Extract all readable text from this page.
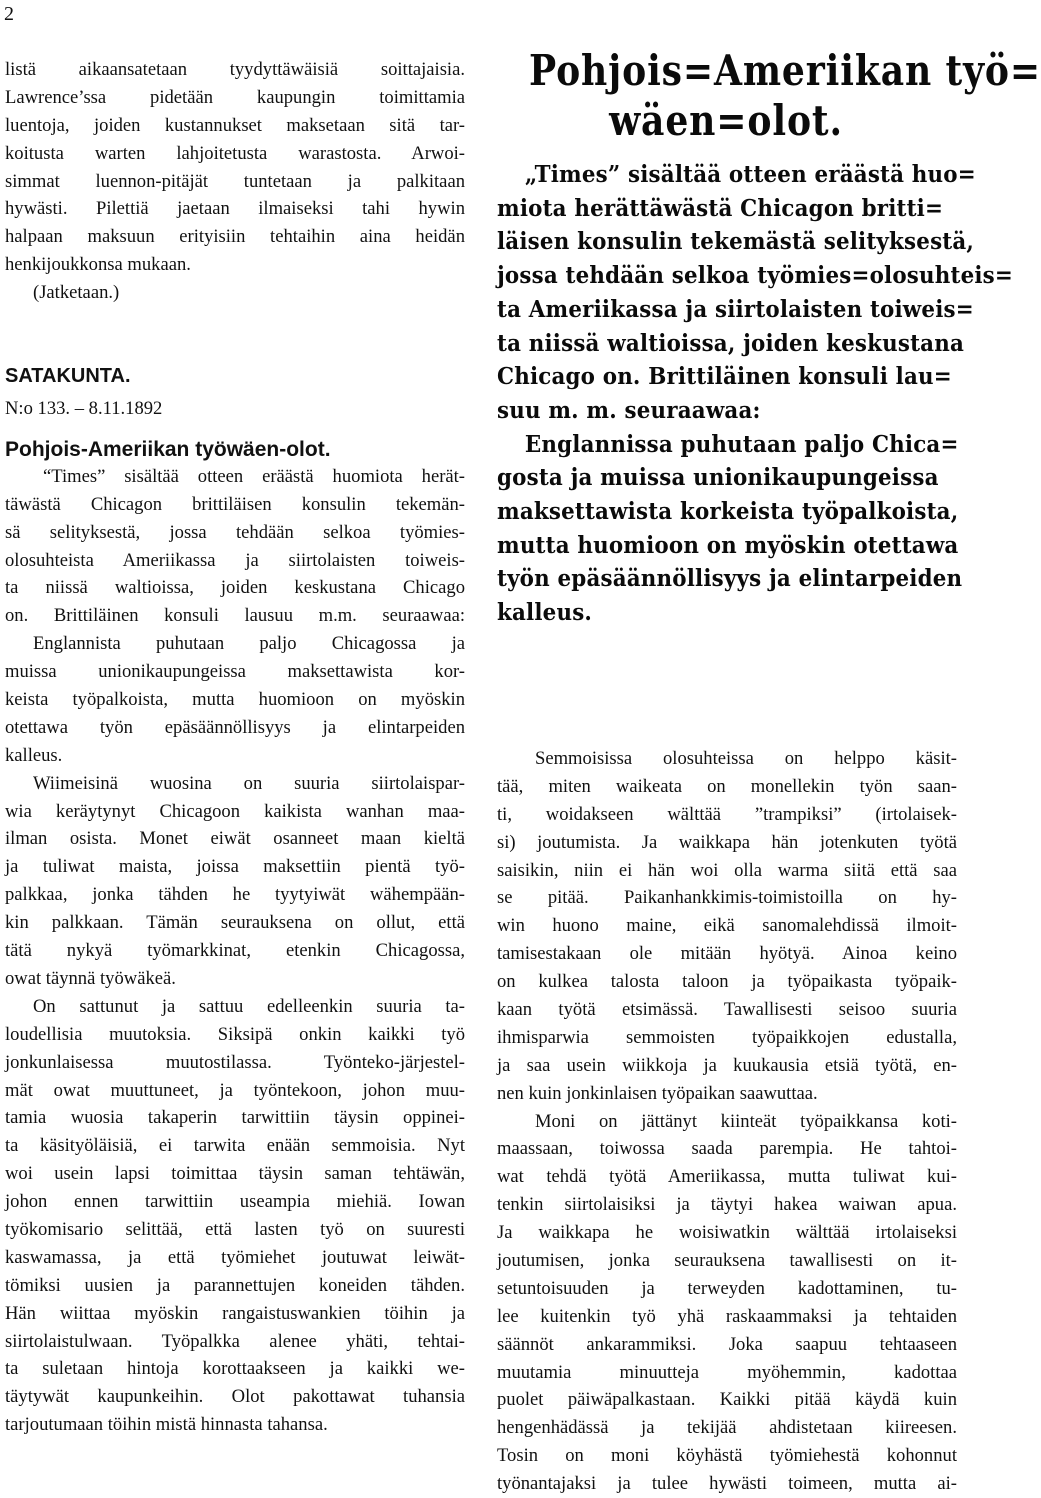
2
listä aikaansatetaan tyydyttäwäisiä soittajaisia.
Lawrence’ssa pidetään kaupungin toimittamia
luentoja, joiden kustannukset maksetaan sitä tar-
koitusta warten lahjoitetusta warastosta. Arwoi-
simmat luennon-pitäjät tuntetaan ja palkitaan
hywästi. Pilettiä jaetaan ilmaiseksi tahi hywin
halpaan maksuun erityisiin tehtaihin aina heidän
henkijoukkonsa mukaan.
(Jatketaan.)
SATAKUNTA.
N:o 133. – 8.11.1892
Pohjois-Ameriikan työwäen-olot.
“Times” sisältää otteen eräästä huomiota herät-
täwästä Chicagon brittiläisen konsulin tekemän-
sä selityksestä, jossa tehdään selkoa työmies-
olosuhteista Ameriikassa ja siirtolaisten toiweis-
ta niissä waltioissa, joiden keskustana Chicago
on. Brittiläinen konsuli lausuu m.m. seuraawaa:
Englannista puhutaan paljo Chicagossa ja
muissa unionikaupungeissa maksettawista kor-
keista työpalkoista, mutta huomioon on myöskin
otettawa työn epäsäännöllisyys ja elintarpeiden
kalleus.
Wiimeisinä wuosina on suuria siirtolaispar-
wia keräytynyt Chicagoon kaikista wanhan maa-
ilman osista. Monet eiwät osanneet maan kieltä
ja tuliwat maista, joissa maksettiin pientä työ-
palkkaa, jonka tähden he tyytyiwät wähempään-
kin palkkaan. Tämän seurauksena on ollut, että
tätä nykyä työmarkkinat, etenkin Chicagossa,
owat täynnä työwäkeä.
On sattunut ja sattuu edelleenkin suuria ta-
loudellisia muutoksia. Siksipä onkin kaikki työ
jonkunlaisessa muutostilassa. Työnteko-järjestel-
mät owat muuttuneet, ja työntekoon, johon muu-
tamia wuosia takaperin tarwittiin täysin oppinei-
ta käsityöläisiä, ei tarwita enään semmoisia. Nyt
woi usein lapsi toimittaa täysin saman tehtäwän,
johon ennen tarwittiin useampia miehiä. Iowan
työkomisario selittää, että lasten työ on suuresti
kaswamassa, ja että työmiehet joutuwat leiwät-
tömiksi uusien ja parannettujen koneiden tähden.
Hän wiittaa myöskin rangaistuswankien töihin ja
siirtolaistulwaan. Työpalkka alenee yhäti, tehtai-
ta suletaan hintoja korottaakseen ja kaikki we-
täytywät kaupunkeihin. Olot pakottawat tuhansia
tarjoutumaan töihin mistä hinnasta tahansa.
Pohjois=Ameriikan työ=
wäen=olot.
„Times” sisältää otteen eräästä huo=
miota herättäwästä Chicagon britti=
läisen konsulin tekemästä selityksestä,
jossa tehdään selkoa työmies=olosuhteis=
ta Ameriikassa ja siirtolaisten toiweis=
ta niissä waltioissa, joiden keskustana
Chicago on. Brittiläinen konsuli lau=
suu m. m. seuraawaa:
Englannissa puhutaan paljo Chica=
gosta ja muissa unionikaupungeissa
maksettawista korkeista työpalkoista,
mutta huomioon on myöskin otettawa
työn epäsäännöllisyys ja elintarpeiden
kalleus.
Semmoisissa olosuhteissa on helppo käsit-
tää, miten waikeata on monellekin työn saan-
ti, woidakseen wälttää ”trampiksi” (irtolaisek-
si) joutumista. Ja waikkapa hän jotenkuten työtä
saisikin, niin ei hän woi olla warma siitä että saa
se pitää. Paikanhankkimis-toimistoilla on hy-
win huono maine, eikä sanomalehdissä ilmoit-
tamisestakaan ole mitään hyötyä. Ainoa keino
on kulkea talosta taloon ja työpaikasta työpaik-
kaan työtä etsimässä. Tawallisesti seisoo suuria
ihmisparwia semmoisten työpaikkojen edustalla,
ja saa usein wiikkoja ja kuukausia etsiä työtä, en-
nen kuin jonkinlaisen työpaikan saawuttaa.
Moni on jättänyt kiinteät työpaikkansa koti-
maassaan, toiwossa saada parempia. He tahtoi-
wat tehdä työtä Ameriikassa, mutta tuliwat kui-
tenkin siirtolaisiksi ja täytyi hakea waiwan apua.
Ja waikkapa he woisiwatkin wälttää irtolaiseksi
joutumisen, jonka seurauksena tawallisesti on it-
setuntoisuuden ja terweyden kadottaminen, tu-
lee kuitenkin työ yhä raskaammaksi ja tehtaiden
säännöt ankarammiksi. Joka saapuu tehtaaseen
muutamia minuutteja myöhemmin, kadottaa
puolet päiwäpalkastaan. Kaikki pitää käydä kuin
hengenhädässä ja tekijää ahdistetaan kiireesen.
Tosin on moni köyhästä työmiehestä kohonnut
työnantajaksi ja tulee hywästi toimeen, mutta ai-
